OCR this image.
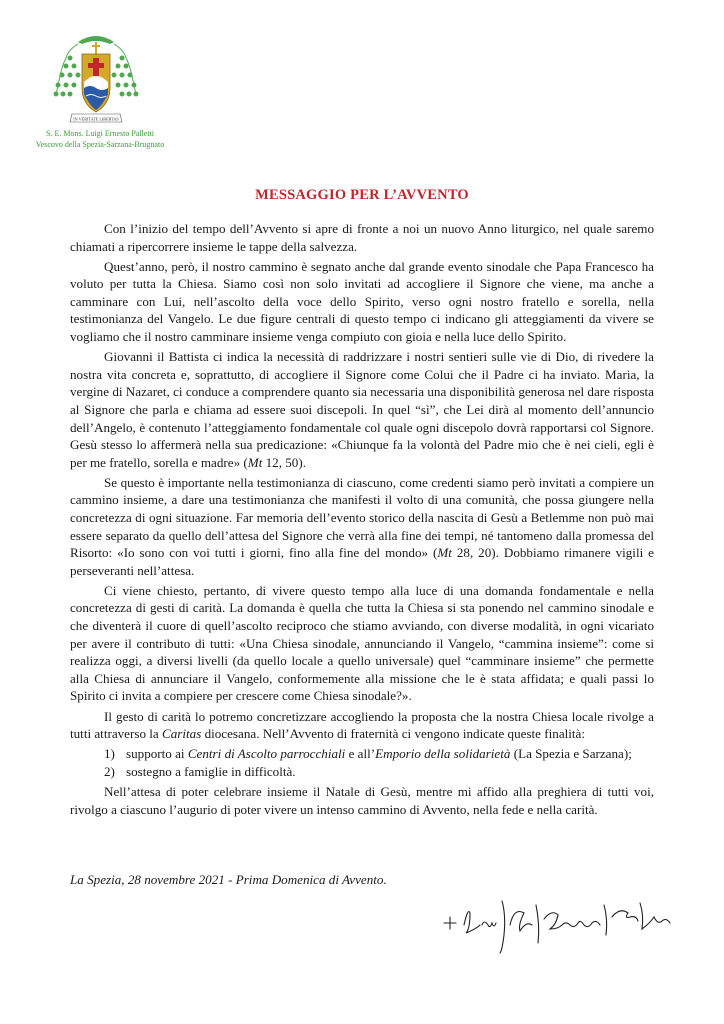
IN VERITATE LIBERTAS
S. E. Mons. Luigi Ernesto Palletti
Vescovo della Spezia-Sarzana-Brugnato
MESSAGGIO PER L’AVVENTO

Con l’inizio del tempo dell’Avvento si apre di fronte a noi un nuovo Anno liturgico, nel quale saremo chiamati a ripercorrere insieme le tappe della salvezza.

Quest’anno, però, il nostro cammino è segnato anche dal grande evento sinodale che Papa Francesco ha voluto per tutta la Chiesa. Siamo così non solo invitati ad accogliere il Signore che viene, ma anche a camminare con Lui, nell’ascolto della voce dello Spirito, verso ogni nostro fratello e sorella, nella testimonianza del Vangelo. Le due figure centrali di questo tempo ci indicano gli atteggiamenti da vivere se vogliamo che il nostro camminare insieme venga compiuto con gioia e nella luce dello Spirito.

Giovanni il Battista ci indica la necessità di raddrizzare i nostri sentieri sulle vie di Dio, di rivedere la nostra vita concreta e, soprattutto, di accogliere il Signore come Colui che il Padre ci ha inviato. Maria, la vergine di Nazaret, ci conduce a comprendere quanto sia necessaria una disponibilità generosa nel dare risposta al Signore che parla e chiama ad essere suoi discepoli. In quel “sì”, che Lei dirà al momento dell’annuncio dell’Angelo, è contenuto l’atteggiamento fondamentale col quale ogni discepolo dovrà rapportarsi col Signore. Gesù stesso lo affermerà nella sua predicazione: «Chiunque fa la volontà del Padre mio che è nei cieli, egli è per me fratello, sorella e madre» (Mt 12, 50).

Se questo è importante nella testimonianza di ciascuno, come credenti siamo però invitati a compiere un cammino insieme, a dare una testimonianza che manifesti il volto di una comunità, che possa giungere nella concretezza di ogni situazione. Far memoria dell’evento storico della nascita di Gesù a Betlemme non può mai essere separato da quello dell’attesa del Signore che verrà alla fine dei tempi, né tantomeno dalla promessa del Risorto: «Io sono con voi tutti i giorni, fino alla fine del mondo» (Mt 28, 20). Dobbiamo rimanere vigili e perseveranti nell’attesa.

Ci viene chiesto, pertanto, di vivere questo tempo alla luce di una domanda fondamentale e nella concretezza di gesti di carità. La domanda è quella che tutta la Chiesa si sta ponendo nel cammino sinodale e che diventerà il cuore di quell’ascolto reciproco che stiamo avviando, con diverse modalità, in ogni vicariato per avere il contributo di tutti: «Una Chiesa sinodale, annunciando il Vangelo, “cammina insieme”: come si realizza oggi, a diversi livelli (da quello locale a quello universale) quel “camminare insieme” che permette alla Chiesa di annunciare il Vangelo, conformemente alla missione che le è stata affidata; e quali passi lo Spirito ci invita a compiere per crescere come Chiesa sinodale?».

Il gesto di carità lo potremo concretizzare accogliendo la proposta che la nostra Chiesa locale rivolge a tutti attraverso la Caritas diocesana. Nell’Avvento di fraternità ci vengono indicate queste finalità:

1) supporto ai Centri di Ascolto parrocchiali e all’Emporio della solidarietà (La Spezia e Sarzana);
2) sostegno a famiglie in difficoltà.

Nell’attesa di poter celebrare insieme il Natale di Gesù, mentre mi affido alla preghiera di tutti voi, rivolgo a ciascuno l’augurio di poter vivere un intenso cammino di Avvento, nella fede e nella carità.

La Spezia, 28 novembre 2021 - Prima Domenica di Avvento.
